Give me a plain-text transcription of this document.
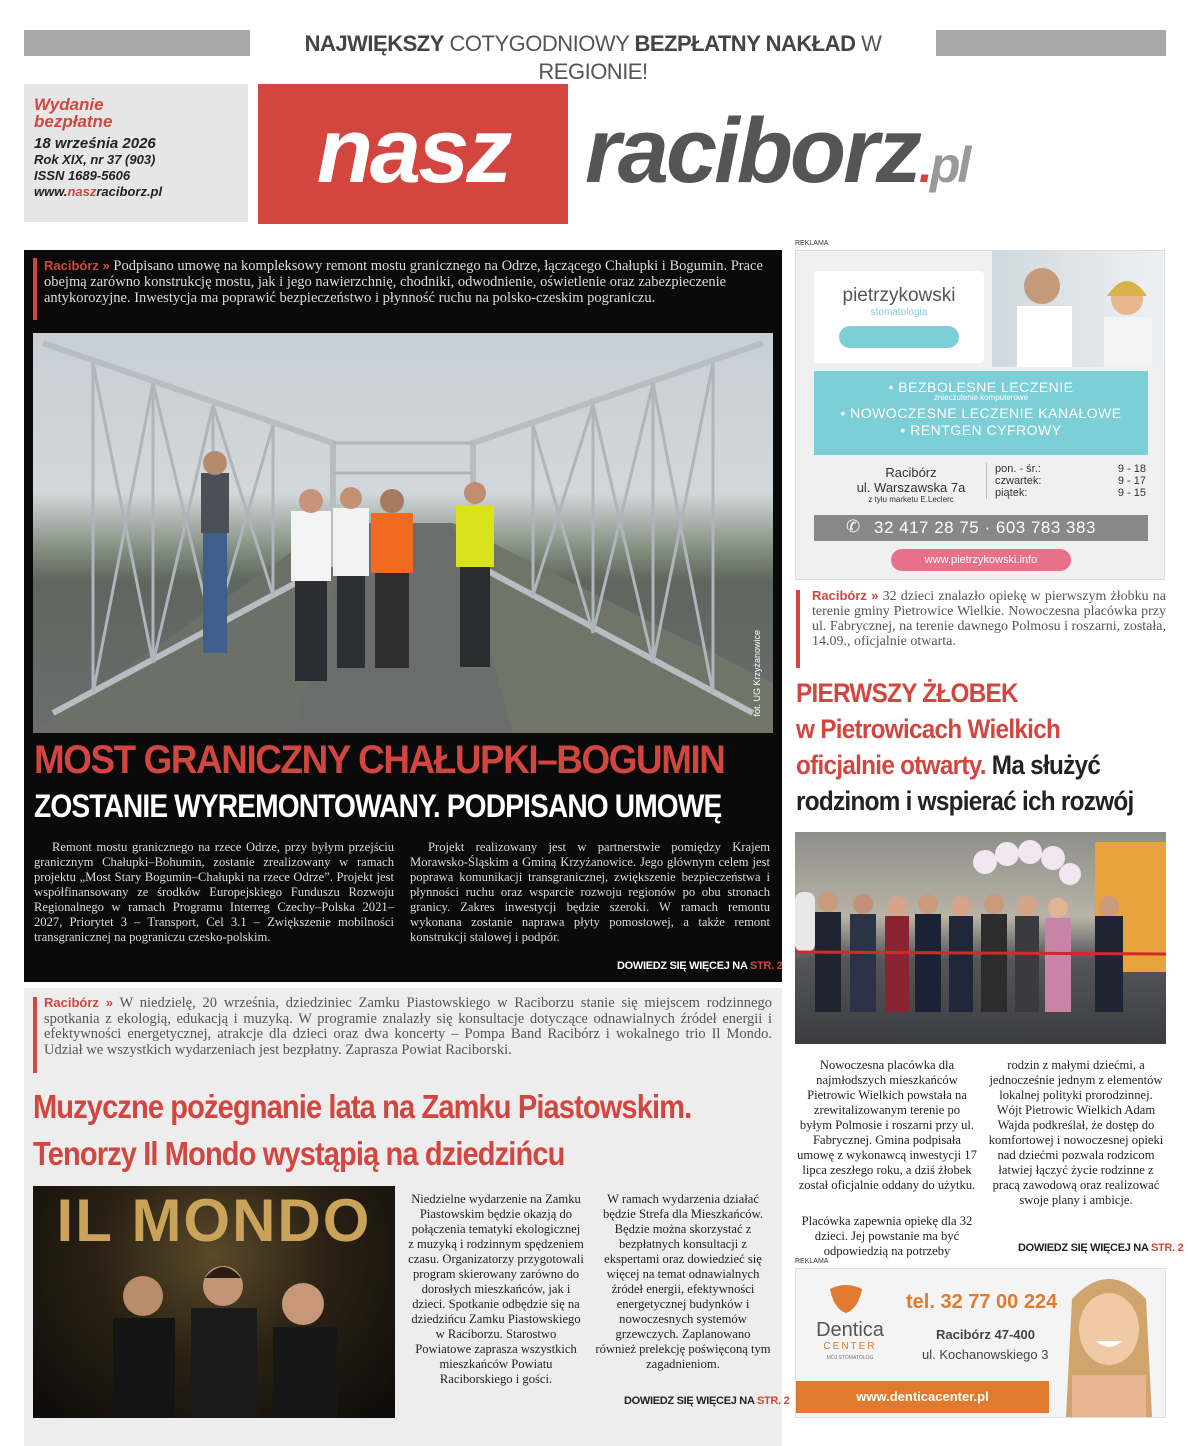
NAJWIĘKSZY COTYGODNIOWY BEZPŁATNY NAKŁAD W REGIONIE!
Wydanie
bezpłatne
18 września 2026
Rok XIX, nr 37 (903)
ISSN 1689-5606
www.naszraciborz.pl	nasz raciborz.pl
Racibórz » Podpisano umowę na kompleksowy remont mostu granicznego na Odrze, łączącego Chałupki i Bogumin. Prace obejmą zarówno konstrukcję mostu, jak i jego nawierzchnię, chodniki, odwodnienie, oświetlenie oraz zabezpieczenie antykorozyjne. Inwestycja ma poprawić bezpieczeństwo i płynność ruchu na polsko-czeskim pograniczu.
fot. UG Krzyżanowice
MOST GRANICZNY CHAŁUPKI–BOGUMIN
ZOSTANIE WYREMONTOWANY. PODPISANO UMOWĘ
Remont mostu granicznego na rzece Odrze, przy byłym przejściu granicznym Chałupki–Bohumin, zostanie zrealizowany w ramach projektu „Most Stary Bogumin–Chałupki na rzece Odrze”. Projekt jest współfinansowany ze środków Europejskiego Funduszu Rozwoju Regionalnego w ramach Programu Interreg Czechy–Polska 2021–2027, Priorytet 3 – Transport, Cel 3.1 – Zwiększenie mobilności transgranicznej na pograniczu czesko-polskim.
Projekt realizowany jest w partnerstwie pomiędzy Krajem Morawsko-Śląskim a Gminą Krzyżanowice. Jego głównym celem jest poprawa komunikacji transgranicznej, zwiększenie bezpieczeństwa i płynności ruchu oraz wsparcie rozwoju regionów po obu stronach granicy. Zakres inwestycji będzie szeroki. W ramach remontu wykonana zostanie naprawa płyty pomostowej, a także remont konstrukcji stalowej i podpór.
DOWIEDZ SIĘ WIĘCEJ NA STR. 2
REKLAMA
pietrzykowski
stomatologia
• BEZBOLESNE LECZENIE
znieczulenie komputerowe
• NOWOCZESNE LECZENIE KANAŁOWE
• RENTGEN CYFROWY
Racibórz
ul. Warszawska 7a
z tyłu marketu E.Leclerc
pon. - śr.:	9 - 18
czwartek:	9 - 17
piątek:	9 - 15
✆ 32 417 28 75 · 603 783 383
www.pietrzykowski.info
Racibórz » 32 dzieci znalazło opiekę w pierwszym żłobku na terenie gminy Pietrowice Wielkie. Nowoczesna placówka przy ul. Fabrycznej, na terenie dawnego Polmosu i roszarni, została, 14.09., oficjalnie otwarta.
PIERWSZY ŻŁOBEK
w Pietrowicach Wielkich
oficjalnie otwarty. Ma służyć
rodzinom i wspierać ich rozwój
Nowoczesna placówka dla najmłodszych mieszkańców Pietrowic Wielkich powstała na zrewitalizowanym terenie po byłym Polmosie i roszarni przy ul. Fabrycznej. Gmina podpisała umowę z wykonawcą inwestycji 17 lipca zeszłego roku, a dziś żłobek został oficjalnie oddany do użytku.
Placówka zapewnia opiekę dla 32 dzieci. Jej powstanie ma być odpowiedzią na potrzeby
rodzin z małymi dziećmi, a jednocześnie jednym z elementów lokalnej polityki prorodzinnej. Wójt Pietrowic Wielkich Adam Wajda podkreślał, że dostęp do komfortowej i nowoczesnej opieki nad dziećmi pozwala rodzicom łatwiej łączyć życie rodzinne z pracą zawodową oraz realizować swoje plany i ambicje.
DOWIEDZ SIĘ WIĘCEJ NA STR. 2
Racibórz » W niedzielę, 20 września, dziedziniec Zamku Piastowskiego w Raciborzu stanie się miejscem rodzinnego spotkania z ekologią, edukacją i muzyką. W programie znalazły się konsultacje dotyczące odnawialnych źródeł energii i efektywności energetycznej, atrakcje dla dzieci oraz dwa koncerty – Pompa Band Racibórz i wokalnego trio Il Mondo. Udział we wszystkich wydarzeniach jest bezpłatny. Zaprasza Powiat Raciborski.
Muzyczne pożegnanie lata na Zamku Piastowskim.
Tenorzy Il Mondo wystąpią na dziedzińcu
IL MONDO	Niedzielne wydarzenie na Zamku Piastowskim będzie okazją do połączenia tematyki ekologicznej z muzyką i rodzinnym spędzeniem czasu. Organizatorzy przygotowali program skierowany zarówno do dorosłych mieszkańców, jak i dzieci. Spotkanie odbędzie się na dziedzińcu Zamku Piastowskiego w Raciborzu. Starostwo Powiatowe zaprasza wszystkich mieszkańców Powiatu Raciborskiego i gości.
W ramach wydarzenia działać będzie Strefa dla Mieszkańców. Będzie można skorzystać z bezpłatnych konsultacji z ekspertami oraz dowiedzieć się więcej na temat odnawialnych źródeł energii, efektywności energetycznej budynków i nowoczesnych systemów grzewczych. Zaplanowano również prelekcję poświęconą tym zagadnieniom.
DOWIEDZ SIĘ WIĘCEJ NA STR. 2
REKLAMA
Dentica
CENTER
MÓJ STOMATOLOG
tel. 32 77 00 224
Racibórz 47-400
ul. Kochanowskiego 3
www.denticacenter.pl
